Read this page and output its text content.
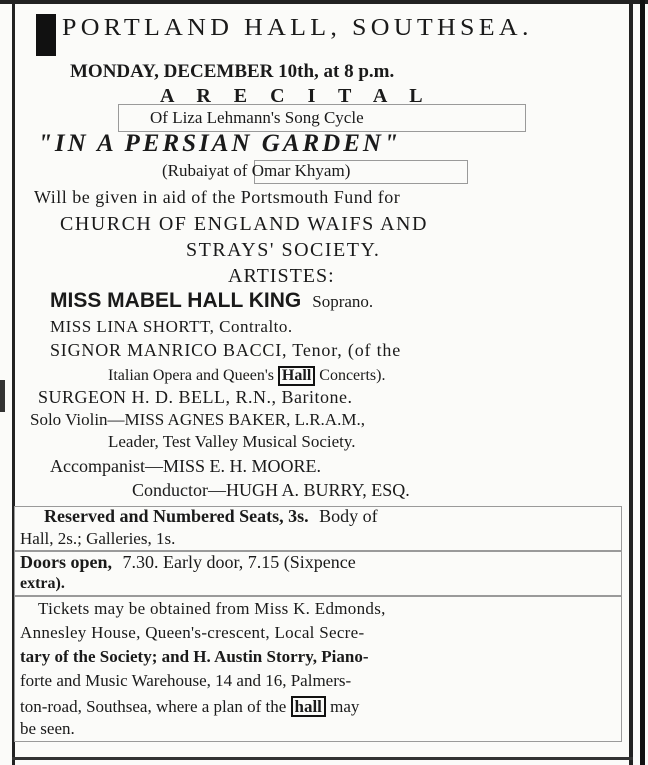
PORTLAND HALL, SOUTHSEA.
MONDAY, DECEMBER 10th, at 8 p.m.
A R E C I T A L
Of Liza Lehmann's Song Cycle
"IN A PERSIAN GARDEN"
(Rubaiyat of Omar Khyam)
Will be given in aid of the Portsmouth Fund for
CHURCH OF ENGLAND WAIFS AND
STRAYS' SOCIETY.
ARTISTES:
MISS MABEL HALL KING Soprano.
MISS LINA SHORTT, Contralto.
SIGNOR MANRICO BACCI, Tenor, (of the
Italian Opera and Queen's Hall Concerts).
SURGEON H. D. BELL, R.N., Baritone.
Solo Violin—MISS AGNES BAKER, L.R.A.M.,
Leader, Test Valley Musical Society.
Accompanist—MISS E. H. MOORE.
Conductor—HUGH A. BURRY, ESQ.
Reserved and Numbered Seats, 3s. Body of
Hall, 2s.; Galleries, 1s.
Doors open, 7.30. Early door, 7.15 (Sixpence
extra).
Tickets may be obtained from Miss K. Edmonds,
Annesley House, Queen's-crescent, Local Secre-
tary of the Society; and H. Austin Storry, Piano-
forte and Music Warehouse, 14 and 16, Palmers-
ton-road, Southsea, where a plan of the hall may
be seen.
